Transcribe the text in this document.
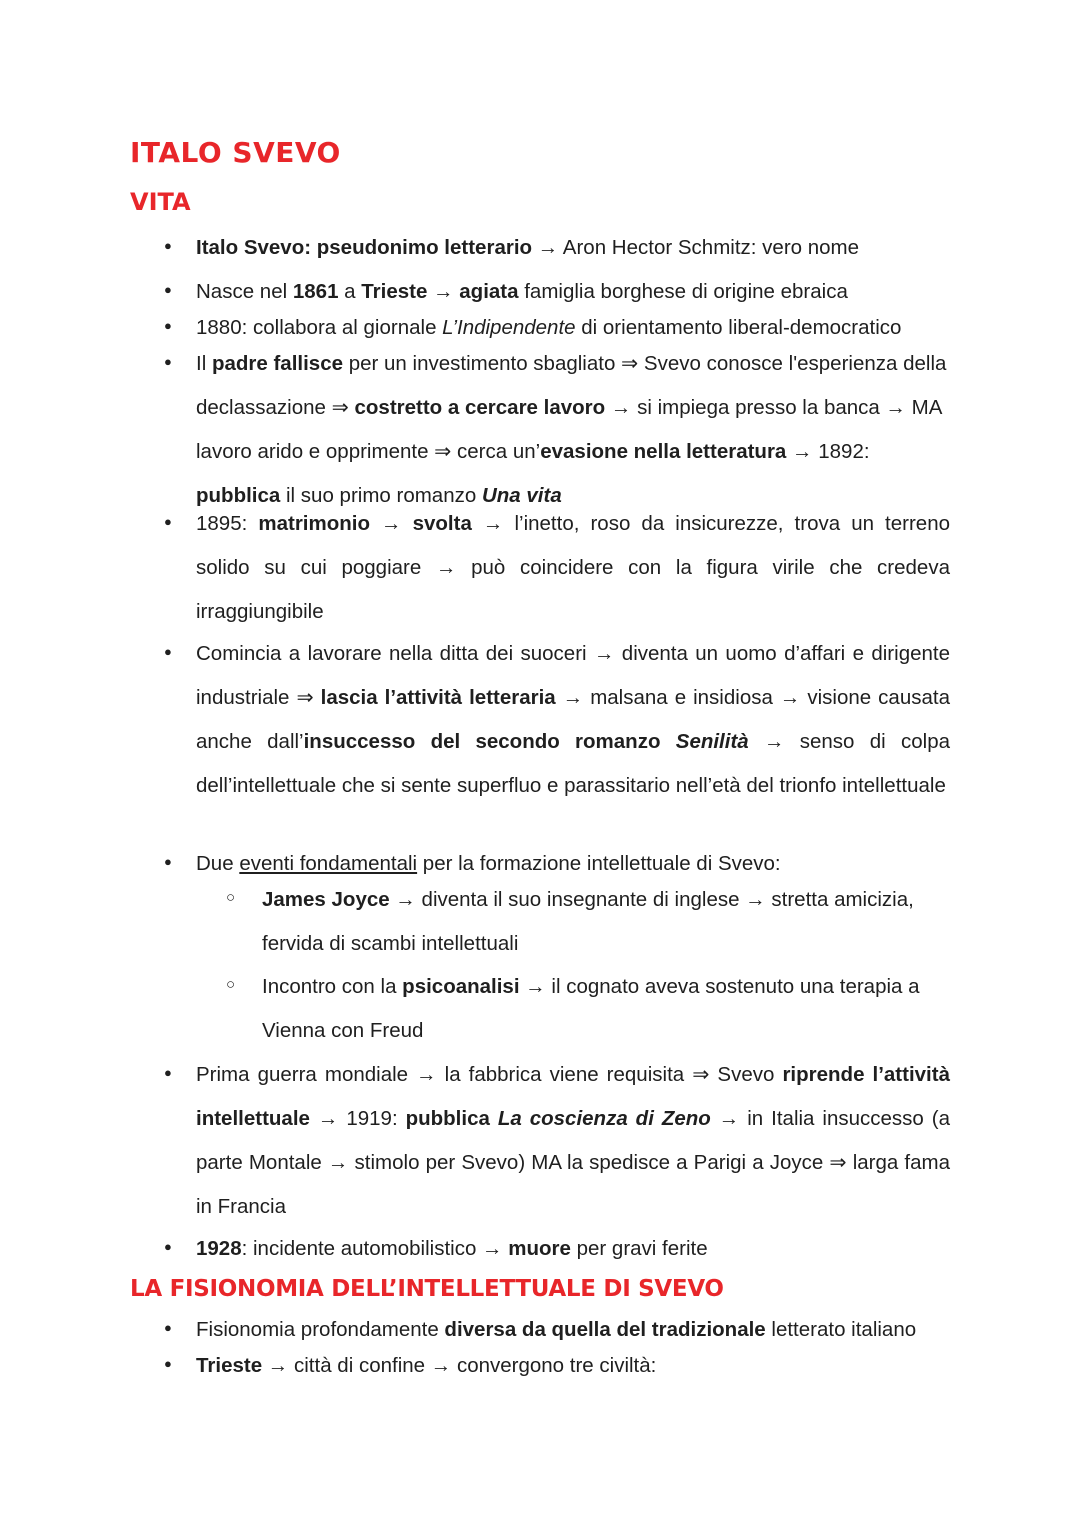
ITALO SVEVO
VITA
● Italo Svevo: pseudonimo letterario → Aron Hector Schmitz: vero nome
● Nasce nel 1861 a Trieste → agiata famiglia borghese di origine ebraica
● 1880: collabora al giornale L’Indipendente di orientamento liberal-democratico
● Il padre fallisce per un investimento sbagliato ⇒ Svevo conosce l'esperienza della declassazione ⇒ costretto a cercare lavoro → si impiega presso la banca → MA lavoro arido e opprimente ⇒ cerca un’evasione nella letteratura → 1892: pubblica il suo primo romanzo Una vita
● 1895: matrimonio → svolta → l’inetto, roso da insicurezze, trova un terreno solido su cui poggiare → può coincidere con la figura virile che credeva irraggiungibile
● Comincia a lavorare nella ditta dei suoceri → diventa un uomo d’affari e dirigente industriale ⇒ lascia l’attività letteraria → malsana e insidiosa → visione causata anche dall’insuccesso del secondo romanzo Senilità → senso di colpa dell’intellettuale che si sente superfluo e parassitario nell’età del trionfo intellettuale
● Due eventi fondamentali per la formazione intellettuale di Svevo:
○ James Joyce → diventa il suo insegnante di inglese → stretta amicizia, fervida di scambi intellettuali
○ Incontro con la psicoanalisi → il cognato aveva sostenuto una terapia a Vienna con Freud
● Prima guerra mondiale → la fabbrica viene requisita ⇒ Svevo riprende l’attività intellettuale → 1919: pubblica La coscienza di Zeno → in Italia insuccesso (a parte Montale → stimolo per Svevo) MA la spedisce a Parigi a Joyce ⇒ larga fama in Francia
● 1928: incidente automobilistico → muore per gravi ferite
LA FISIONOMIA DELL’INTELLETTUALE DI SVEVO
● Fisionomia profondamente diversa da quella del tradizionale letterato italiano
● Trieste → città di confine → convergono tre civiltà:
